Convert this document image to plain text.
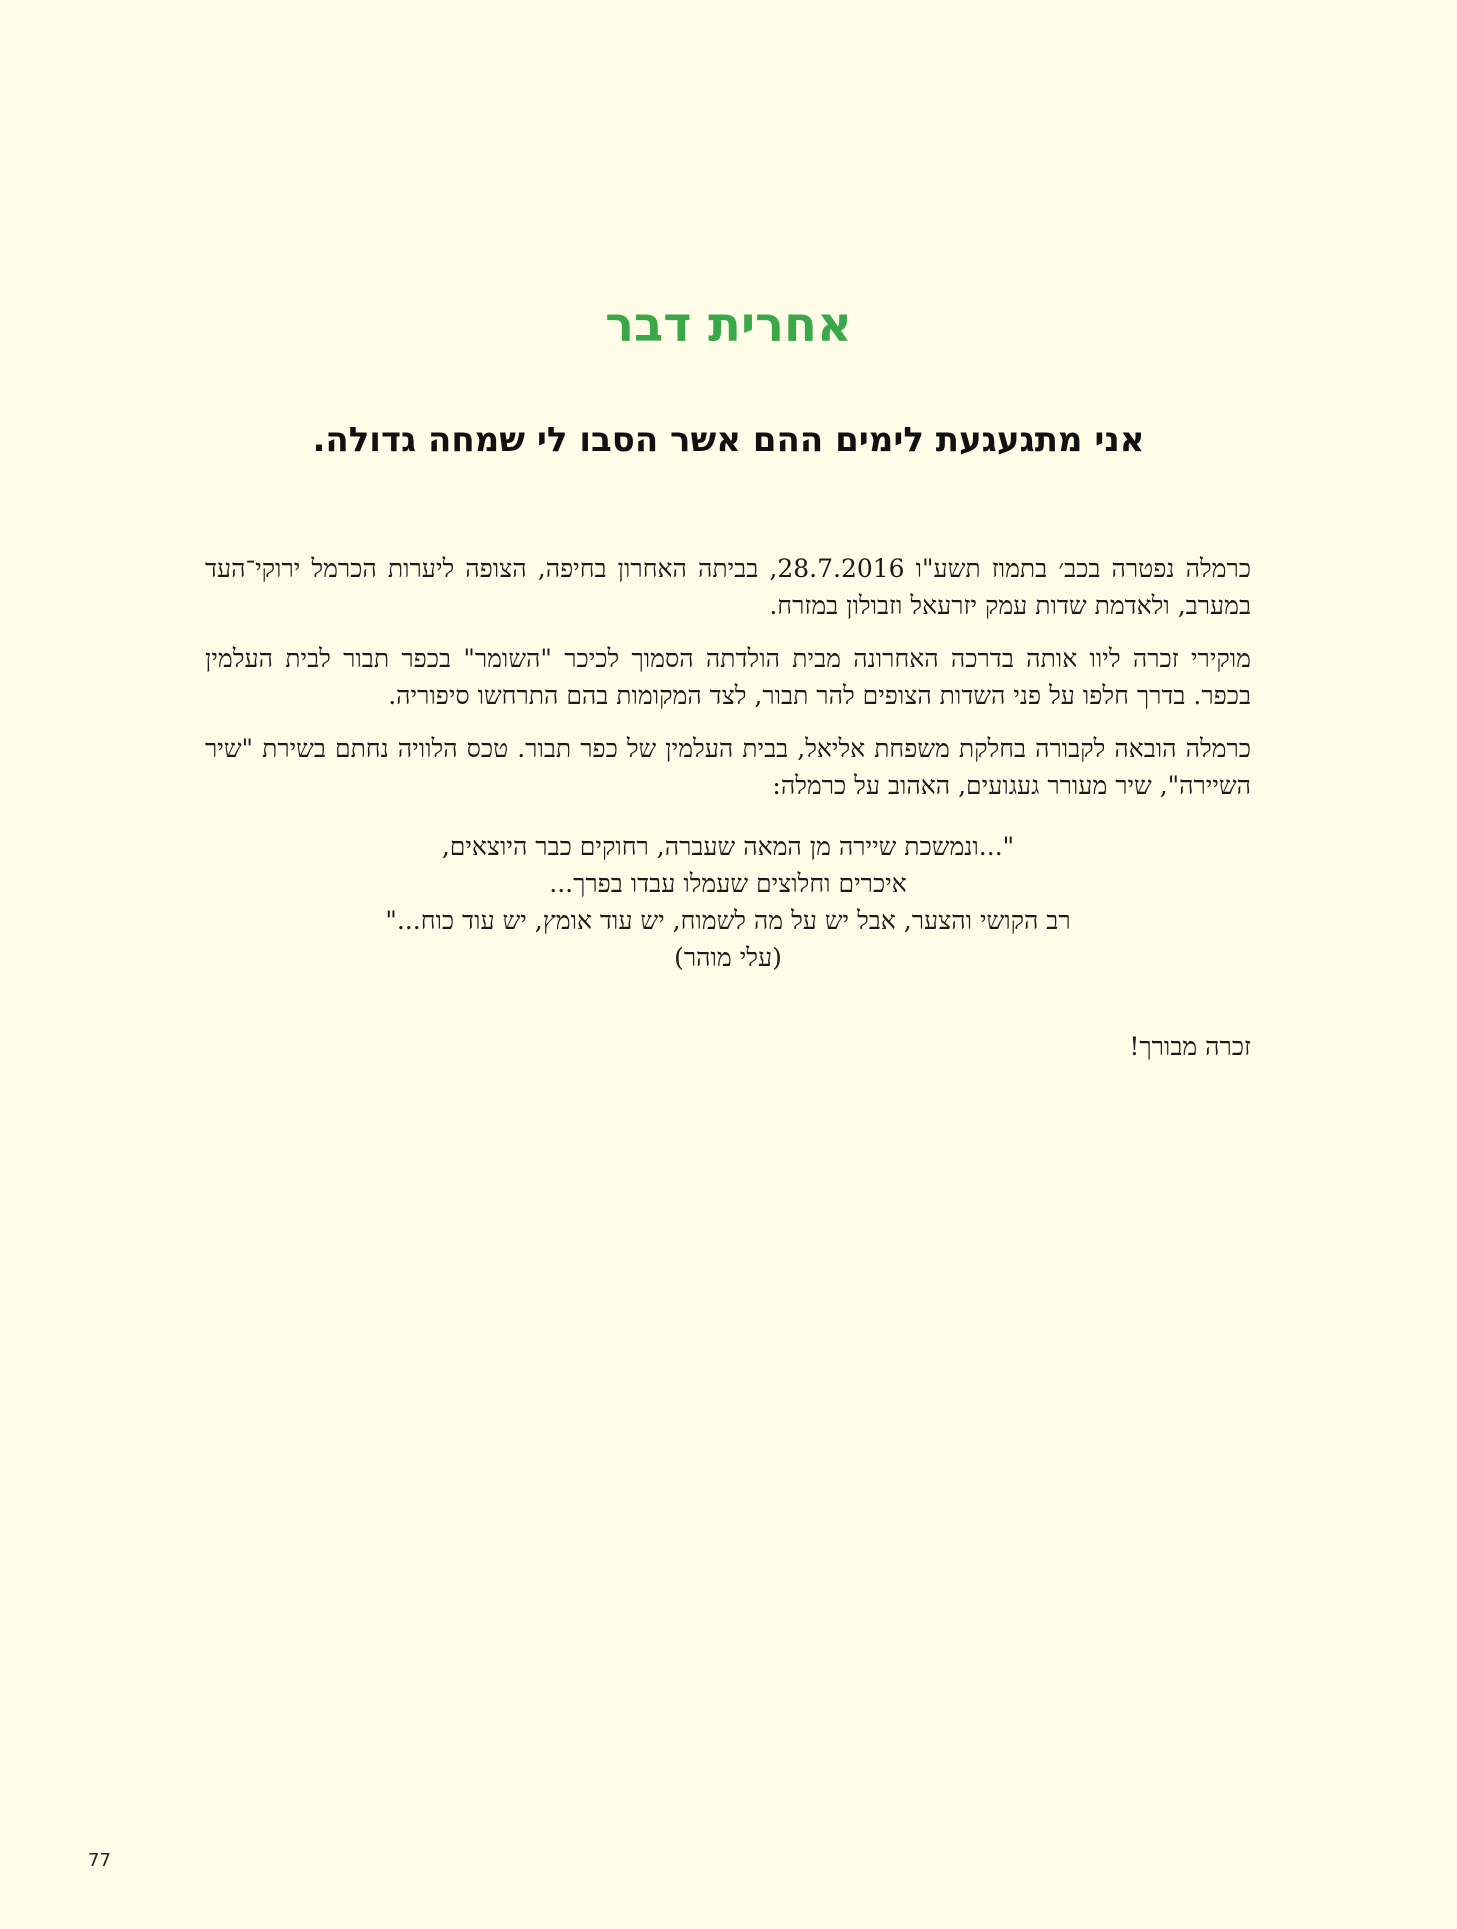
אחרית דבר
אני מתגעגעת לימים ההם אשר הסבו לי שמחה גדולה.

כרמלה נפטרה בכב׳ בתמוז תשע"ו 28.7.2016, בביתה האחרון בחיפה, הצופה ליערות הכרמל ירוקי־העד במערב, ולאדמת שדות עמק יזרעאל וזבולון במזרח.

מוקירי זכרה ליוו אותה בדרכה האחרונה מבית הולדתה הסמוך לכיכר "השומר" בכפר תבור לבית העלמין בכפר. בדרך חלפו על פני השדות הצופים להר תבור, לצד המקומות בהם התרחשו סיפוריה.

כרמלה הובאה לקבורה בחלקת משפחת אליאל, בבית העלמין של כפר תבור. טכס הלוויה נחתם בשירת "שיר השיירה", שיר מעורר געגועים, האהוב על כרמלה:

"...ונמשכת שיירה מן המאה שעברה, רחוקים כבר היוצאים,
איכרים וחלוצים שעמלו עבדו בפרך...
רב הקושי והצער, אבל יש על מה לשמוח, יש עוד אומץ, יש עוד כוח..."
(עלי מוהר)
זכרה מבורך!
77
